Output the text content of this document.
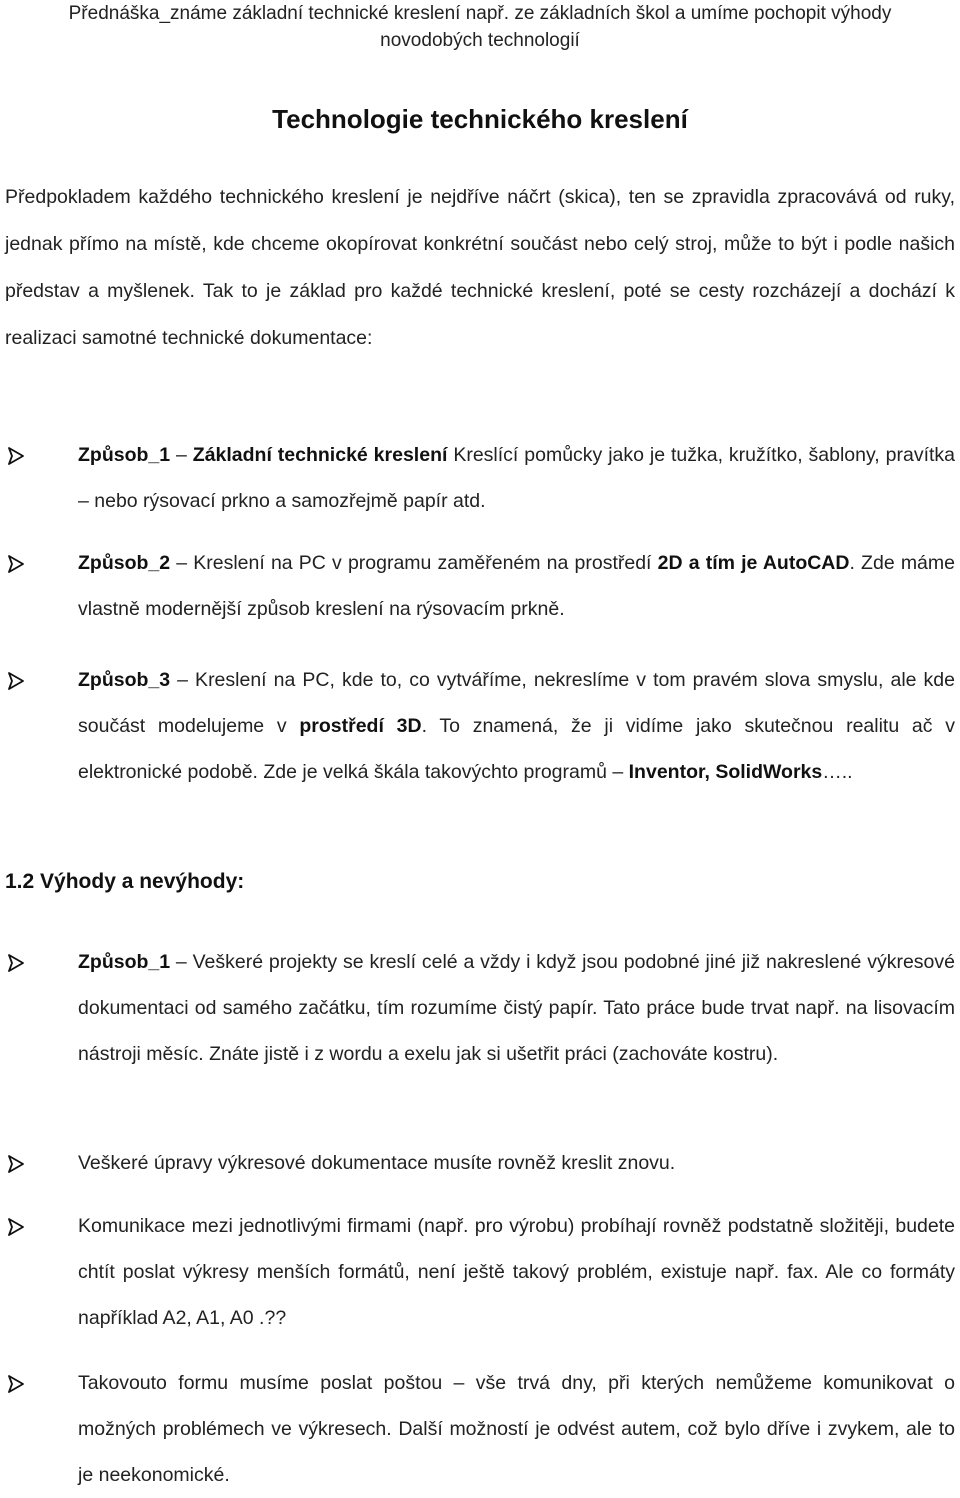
Přednáška_známe základní technické kreslení např. ze základních škol a umíme pochopit výhody
novodobých technologií
Technologie technického kreslení
Předpokladem každého technického kreslení je nejdříve náčrt (skica), ten se zpravidla zpracovává od ruky, jednak přímo na místě, kde chceme okopírovat konkrétní součást nebo celý stroj, může to být i podle našich představ a myšlenek. Tak to je základ pro každé technické kreslení, poté se cesty rozcházejí a dochází k realizaci samotné technické dokumentace:
Způsob_1 – Základní technické kreslení Kreslící pomůcky jako je tužka, kružítko, šablony, pravítka – nebo rýsovací prkno a samozřejmě papír atd.
Způsob_2 – Kreslení na PC v programu zaměřeném na prostředí 2D a tím je AutoCAD. Zde máme vlastně modernější způsob kreslení na rýsovacím prkně.
Způsob_3 – Kreslení na PC, kde to, co vytváříme, nekreslíme v tom pravém slova smyslu, ale kde součást modelujeme v prostředí 3D. To znamená, že ji vidíme jako skutečnou realitu ač v elektronické podobě. Zde je velká škála takovýchto programů – Inventor, SolidWorks…..
1.2 Výhody a nevýhody:
Způsob_1 – Veškeré projekty se kreslí celé a vždy i když jsou podobné jiné již nakreslené výkresové dokumentaci od samého začátku, tím rozumíme čistý papír. Tato práce bude trvat např. na lisovacím nástroji měsíc. Znáte jistě i z wordu a exelu jak si ušetřit práci (zachováte kostru).
Veškeré úpravy výkresové dokumentace musíte rovněž kreslit znovu.
Komunikace mezi jednotlivými firmami (např. pro výrobu) probíhají rovněž podstatně složitěji, budete chtít poslat výkresy menších formátů, není ještě takový problém, existuje např. fax. Ale co formáty například A2, A1, A0 .??
Takovouto formu musíme poslat poštou – vše trvá dny, při kterých nemůžeme komunikovat o možných problémech ve výkresech. Další možností je odvést autem, což bylo dříve i zvykem, ale to je neekonomické.
